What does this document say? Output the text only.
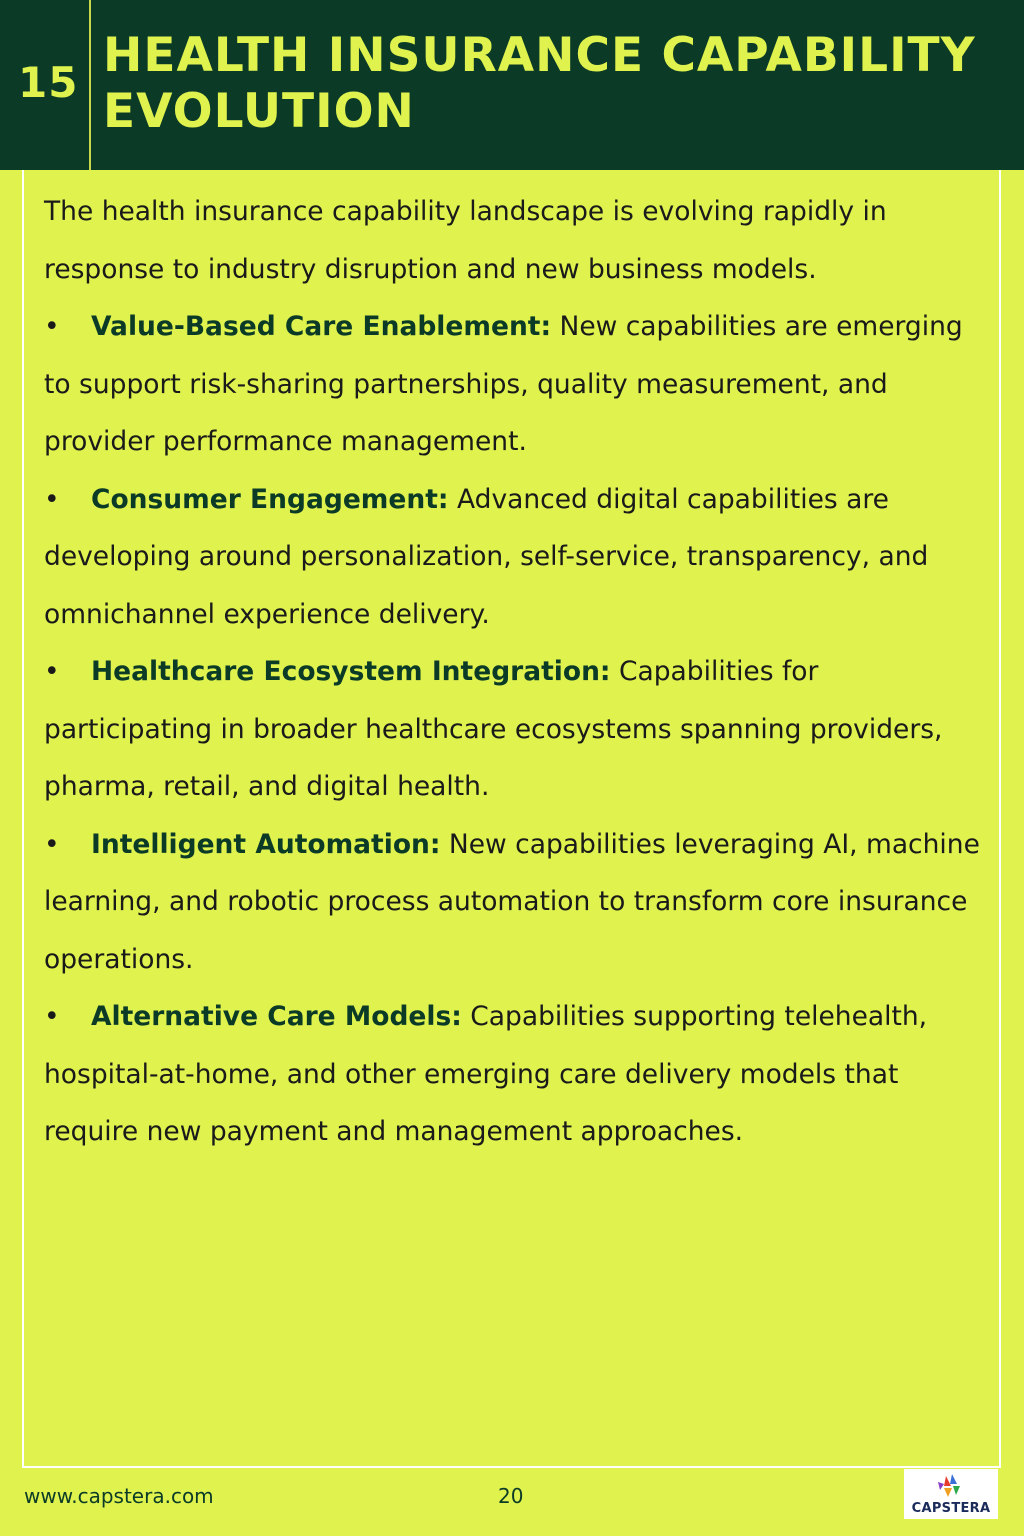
15 HEALTH INSURANCE CAPABILITY EVOLUTION

The health insurance capability landscape is evolving rapidly in response to industry disruption and new business models.

• Value-Based Care Enablement: New capabilities are emerging to support risk-sharing partnerships, quality measurement, and provider performance management.

• Consumer Engagement: Advanced digital capabilities are developing around personalization, self-service, transparency, and omnichannel experience delivery.

• Healthcare Ecosystem Integration: Capabilities for participating in broader healthcare ecosystems spanning providers, pharma, retail, and digital health.

• Intelligent Automation: New capabilities leveraging AI, machine learning, and robotic process automation to transform core insurance operations.

• Alternative Care Models: Capabilities supporting telehealth, hospital-at-home, and other emerging care delivery models that require new payment and management approaches.

www.capstera.com	20
CAPSTERA
